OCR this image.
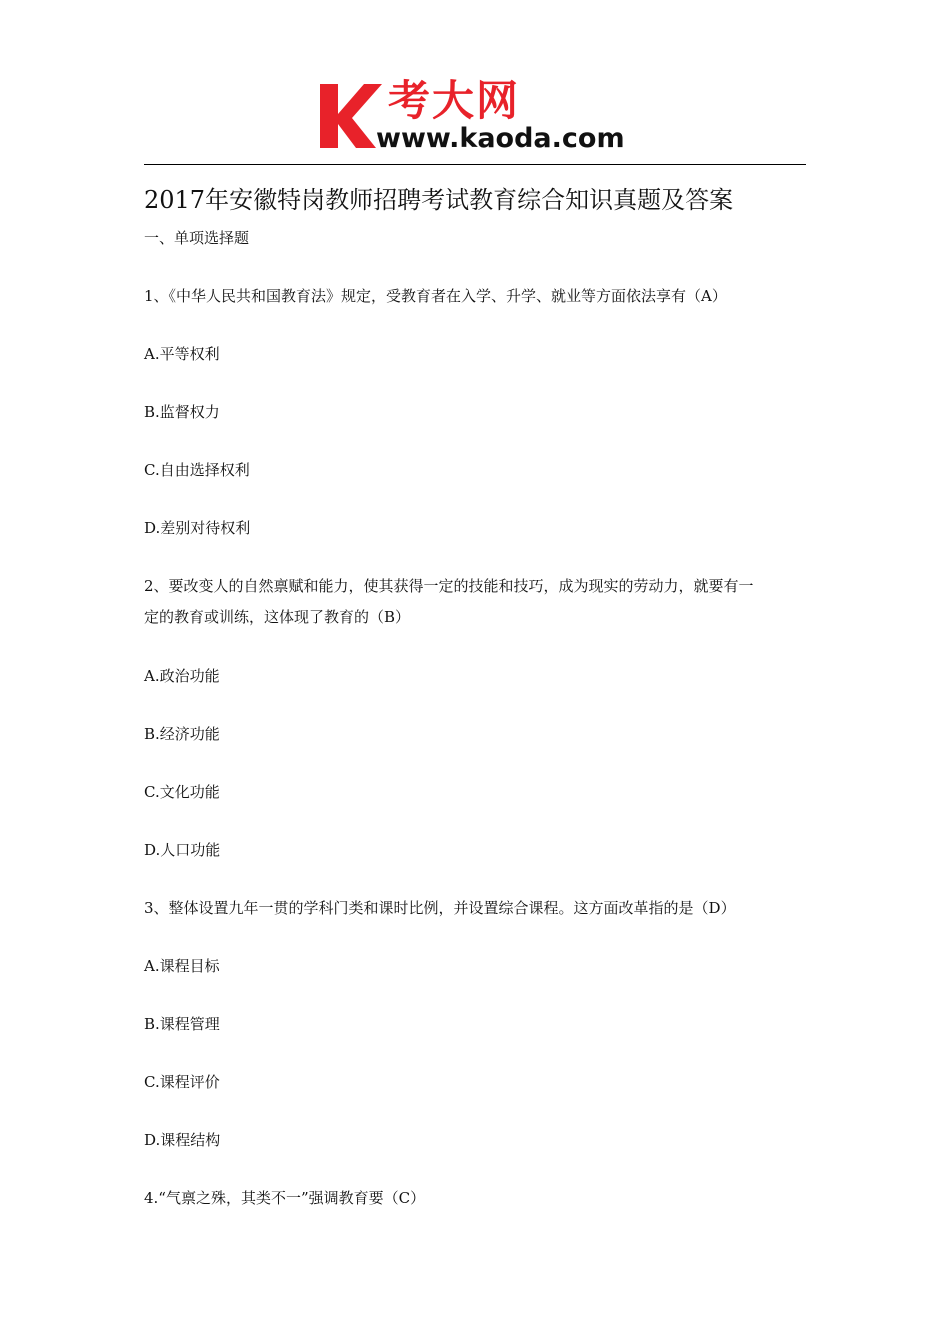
考大网
www.kaoda.com
2017年安徽特岗教师招聘考试教育综合知识真题及答案
一、单项选择题
1、《中华人民共和国教育法》规定，受教育者在入学、升学、就业等方面依法享有（A）
A.平等权利
B.监督权力
C.自由选择权利
D.差别对待权利
2、要改变人的自然禀赋和能力，使其获得一定的技能和技巧，成为现实的劳动力，就要有一
定的教育或训练，这体现了教育的（B）
A.政治功能
B.经济功能
C.文化功能
D.人口功能
3、整体设置九年一贯的学科门类和课时比例，并设置综合课程。这方面改革指的是（D）
A.课程目标
B.课程管理
C.课程评价
D.课程结构
4.“气禀之殊，其类不一”强调教育要（C）
